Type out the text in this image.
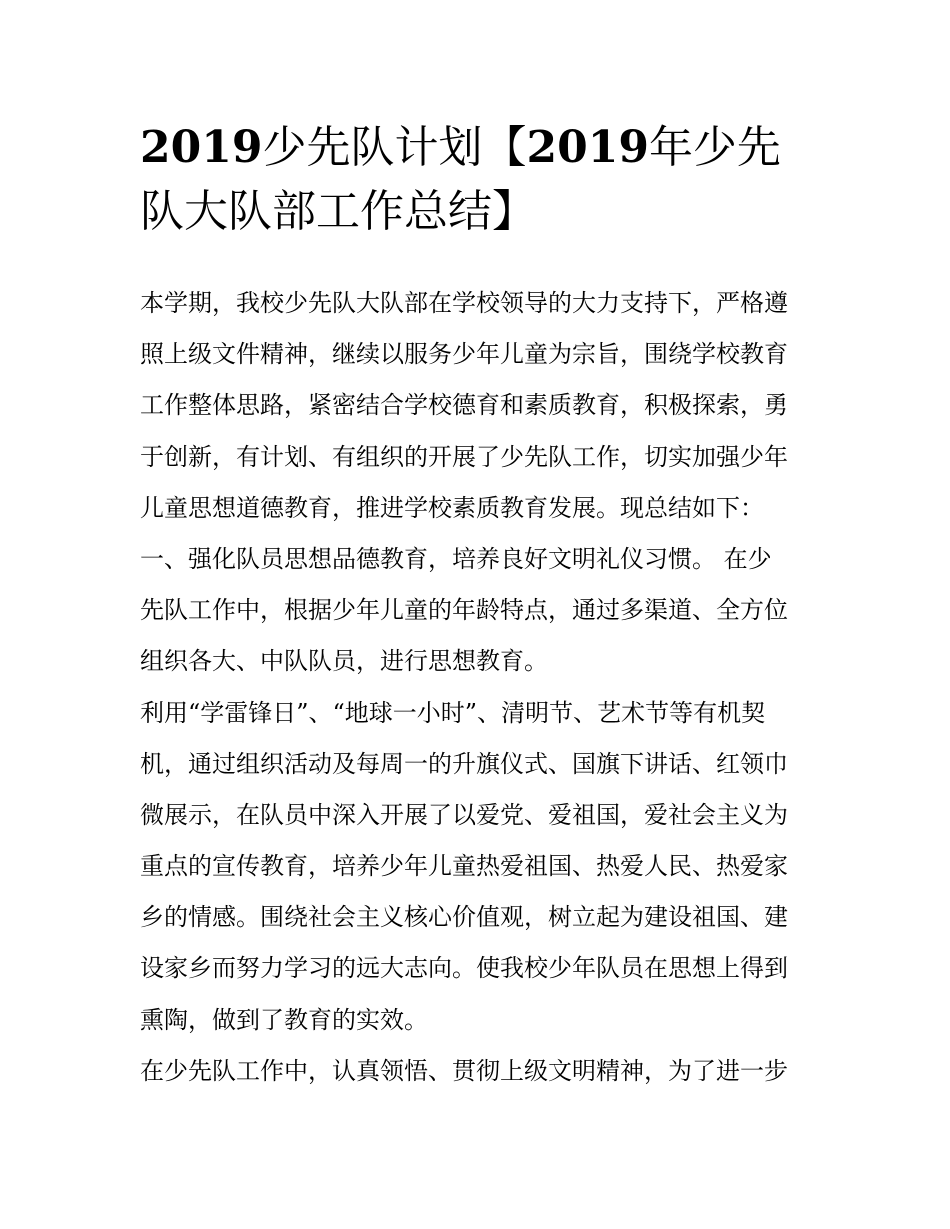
2019少先队计划【2019年少先
队大队部工作总结】
本学期，我校少先队大队部在学校领导的大力支持下，严格遵
照上级文件精神，继续以服务少年儿童为宗旨，围绕学校教育
工作整体思路，紧密结合学校德育和素质教育，积极探索，勇
于创新，有计划、有组织的开展了少先队工作，切实加强少年
儿童思想道德教育，推进学校素质教育发展。现总结如下：
一、强化队员思想品德教育，培养良好文明礼仪习惯。 在少
先队工作中，根据少年儿童的年龄特点，通过多渠道、全方位
组织各大、中队队员，进行思想教育。
利用“学雷锋日”、“地球一小时”、清明节、艺术节等有机契
机，通过组织活动及每周一的升旗仪式、国旗下讲话、红领巾
微展示，在队员中深入开展了以爱党、爱祖国，爱社会主义为
重点的宣传教育，培养少年儿童热爱祖国、热爱人民、热爱家
乡的情感。围绕社会主义核心价值观，树立起为建设祖国、建
设家乡而努力学习的远大志向。使我校少年队员在思想上得到
熏陶，做到了教育的实效。
在少先队工作中，认真领悟、贯彻上级文明精神，为了进一步
